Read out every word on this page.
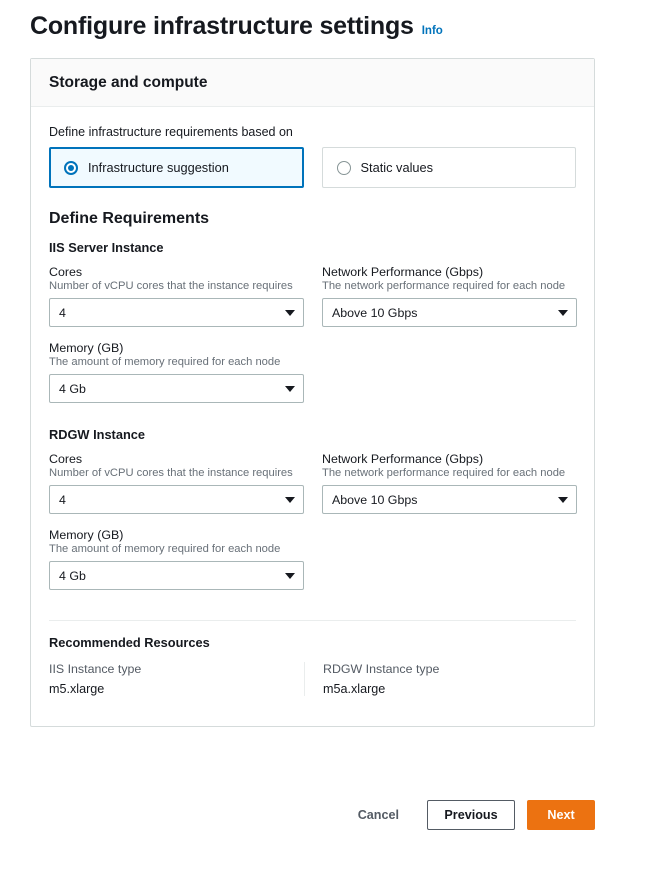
Configure infrastructure settings Info
Storage and compute
Define infrastructure requirements based on
Infrastructure suggestion	Static values
Define Requirements
IIS Server Instance
Cores
Number of vCPU cores that the instance requires
4
Network Performance (Gbps)
The network performance required for each node
Above 10 Gbps
Memory (GB)
The amount of memory required for each node
4 Gb
RDGW Instance
Cores
Number of vCPU cores that the instance requires
4
Network Performance (Gbps)
The network performance required for each node
Above 10 Gbps
Memory (GB)
The amount of memory required for each node
4 Gb
Recommended Resources
IIS Instance type
m5.xlarge
RDGW Instance type
m5a.xlarge
Cancel	Previous	Next
